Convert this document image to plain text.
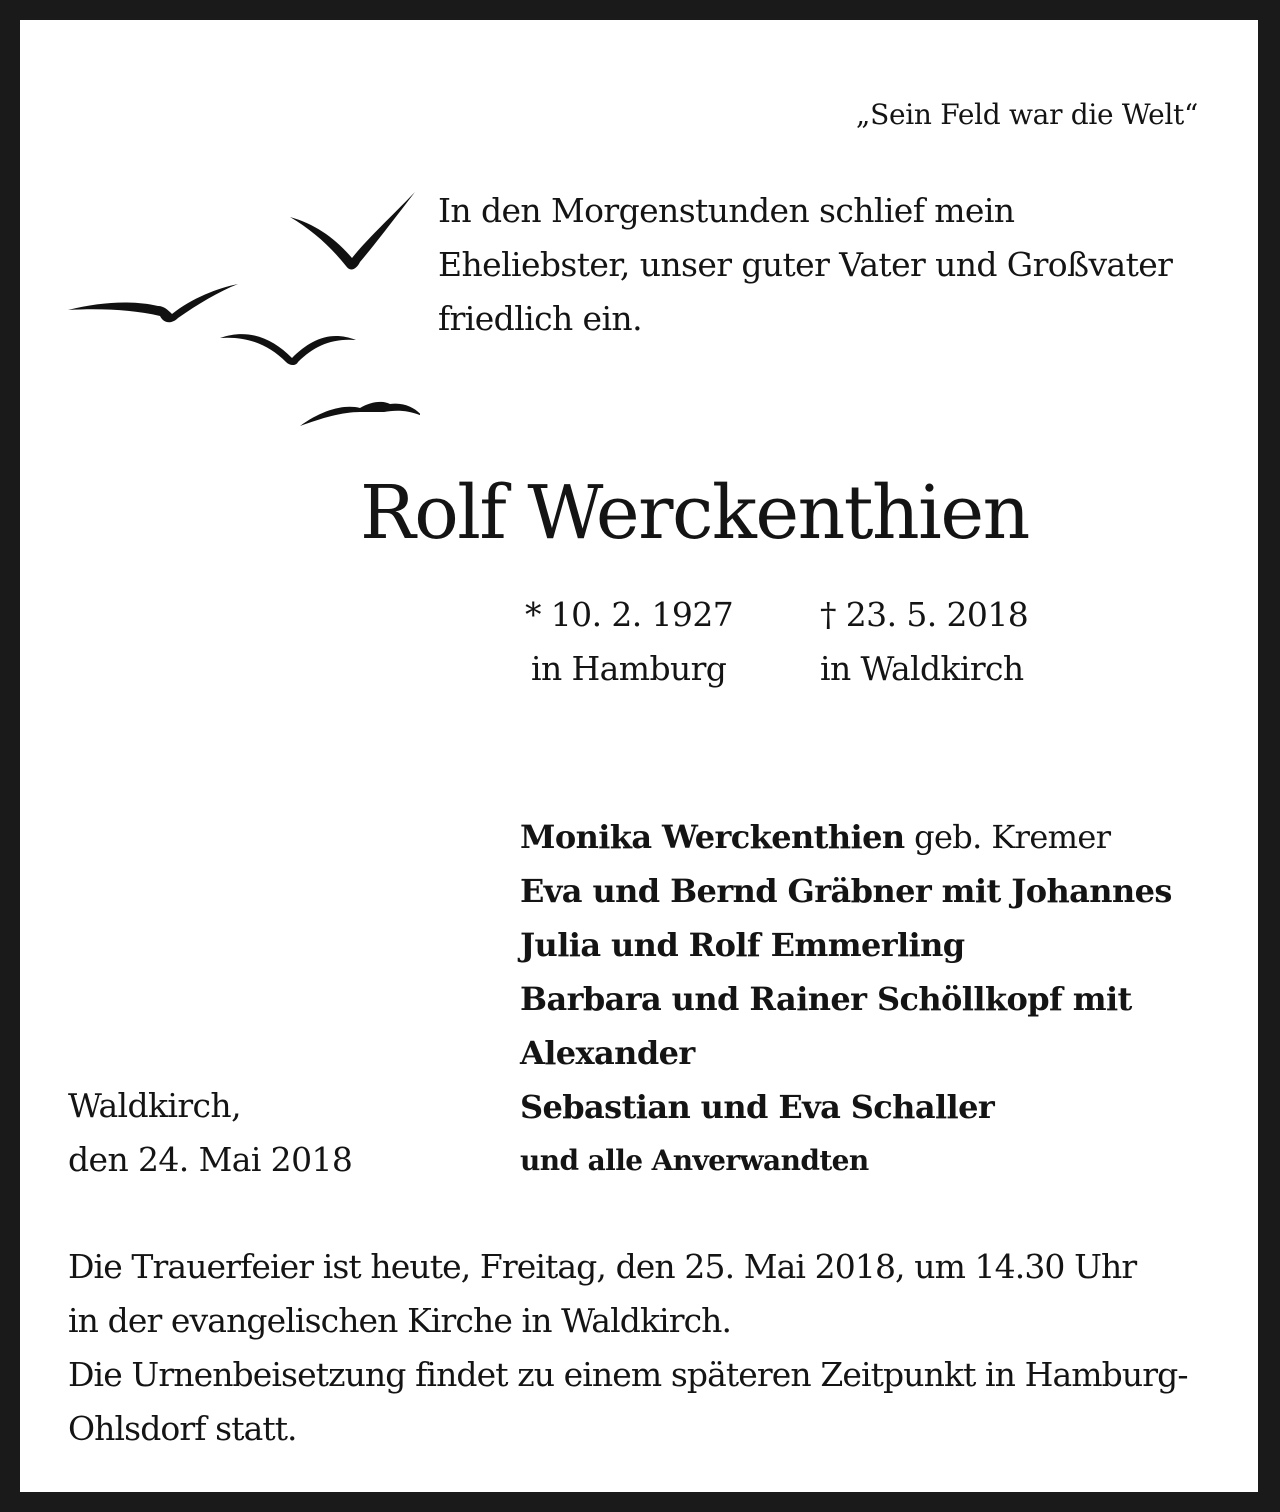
„Sein Feld war die Welt“
In den Morgenstunden schlief mein
Eheliebster, unser guter Vater und Großvater
friedlich ein.
Rolf Werckenthien
* 10. 2. 1927
in Hamburg
† 23. 5. 2018
in Waldkirch
Monika Werckenthien geb. Kremer
Eva und Bernd Gräbner mit Johannes
Julia und Rolf Emmerling
Barbara und Rainer Schöllkopf mit
Alexander
Sebastian und Eva Schaller
und alle Anverwandten
Waldkirch,
den 24. Mai 2018
Die Trauerfeier ist heute, Freitag, den 25. Mai 2018, um 14.30 Uhr
in der evangelischen Kirche in Waldkirch.
Die Urnenbeisetzung findet zu einem späteren Zeitpunkt in Hamburg-
Ohlsdorf statt.
